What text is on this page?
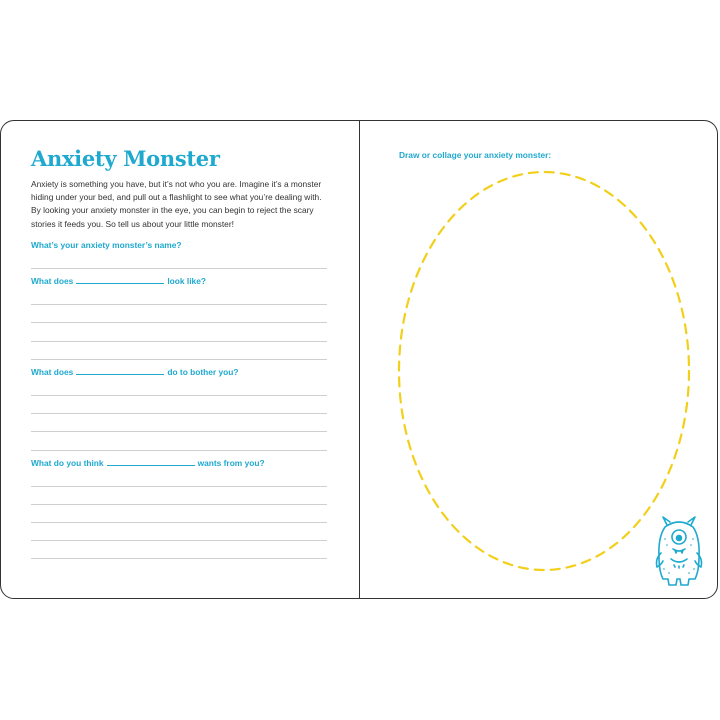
Anxiety Monster

Anxiety is something you have, but it’s not who you are. Imagine it’s a monster hiding under your bed, and pull out a flashlight to see what you’re dealing with. By looking your anxiety monster in the eye, you can begin to reject the scary stories it feeds you. So tell us about your little monster!

What’s your anxiety monster’s name?

What does	look like?

What does	do to bother you?

What do you think	wants from you?

Draw or collage your anxiety monster:
